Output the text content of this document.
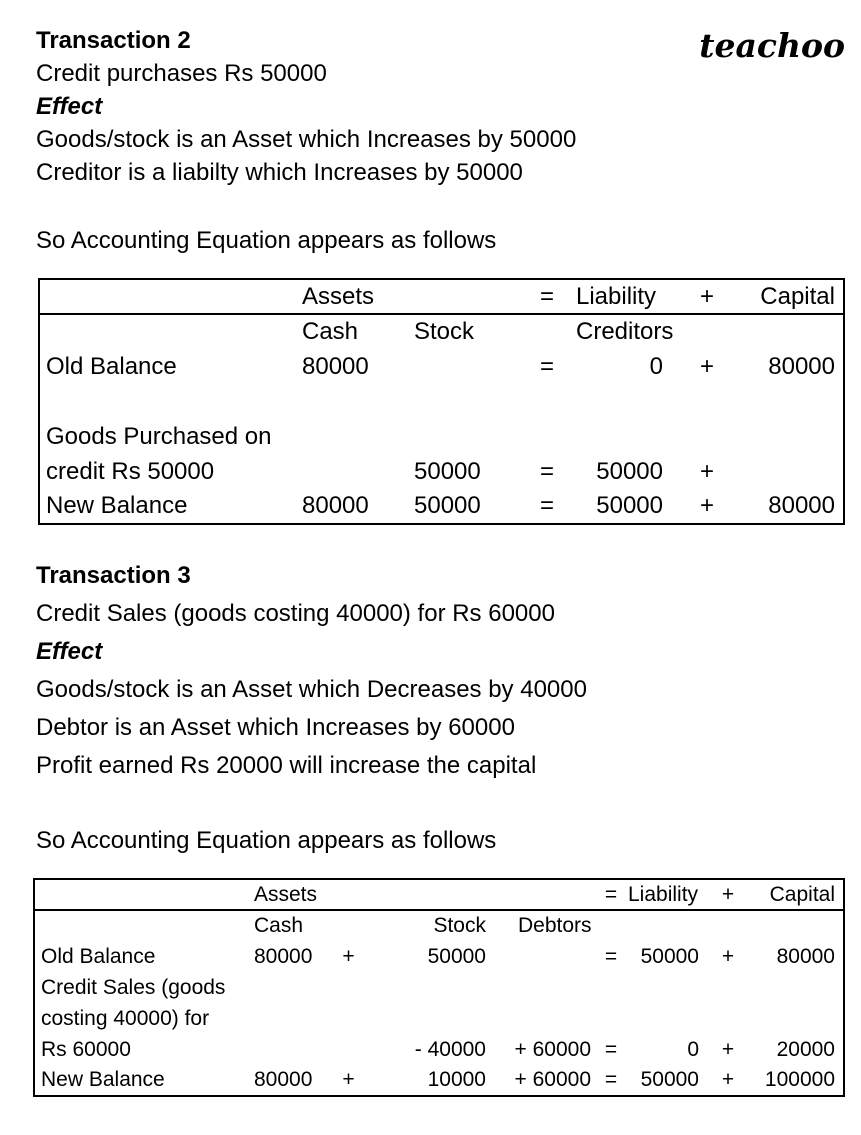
teachoo

Transaction 2

Credit purchases Rs 50000

Effect

Goods/stock is an Asset which Increases by 50000

Creditor is a liabilty which Increases by 50000

So Accounting Equation appears as follows

	Assets		=	Liability	+	Capital
	Cash	Stock		Creditors		
Old Balance	80000		=	0	+	80000

Goods Purchased on						
credit Rs 50000		50000	=	50000	+	
New Balance	80000	50000	=	50000	+	80000

Transaction 3

Credit Sales (goods costing 40000) for Rs 60000

Effect

Goods/stock is an Asset which Decreases by 40000

Debtor is an Asset which Increases by 60000

Profit earned Rs 20000 will increase the capital

So Accounting Equation appears as follows

	Assets				=	Liability	+	Capital
	Cash		Stock	Debtors				
Old Balance	80000	+	50000		=	50000	+	80000
Credit Sales (goods								
costing 40000) for								
Rs 60000			- 40000	+ 60000	=	0	+	20000
New Balance	80000	+	10000	+ 60000	=	50000	+	100000
